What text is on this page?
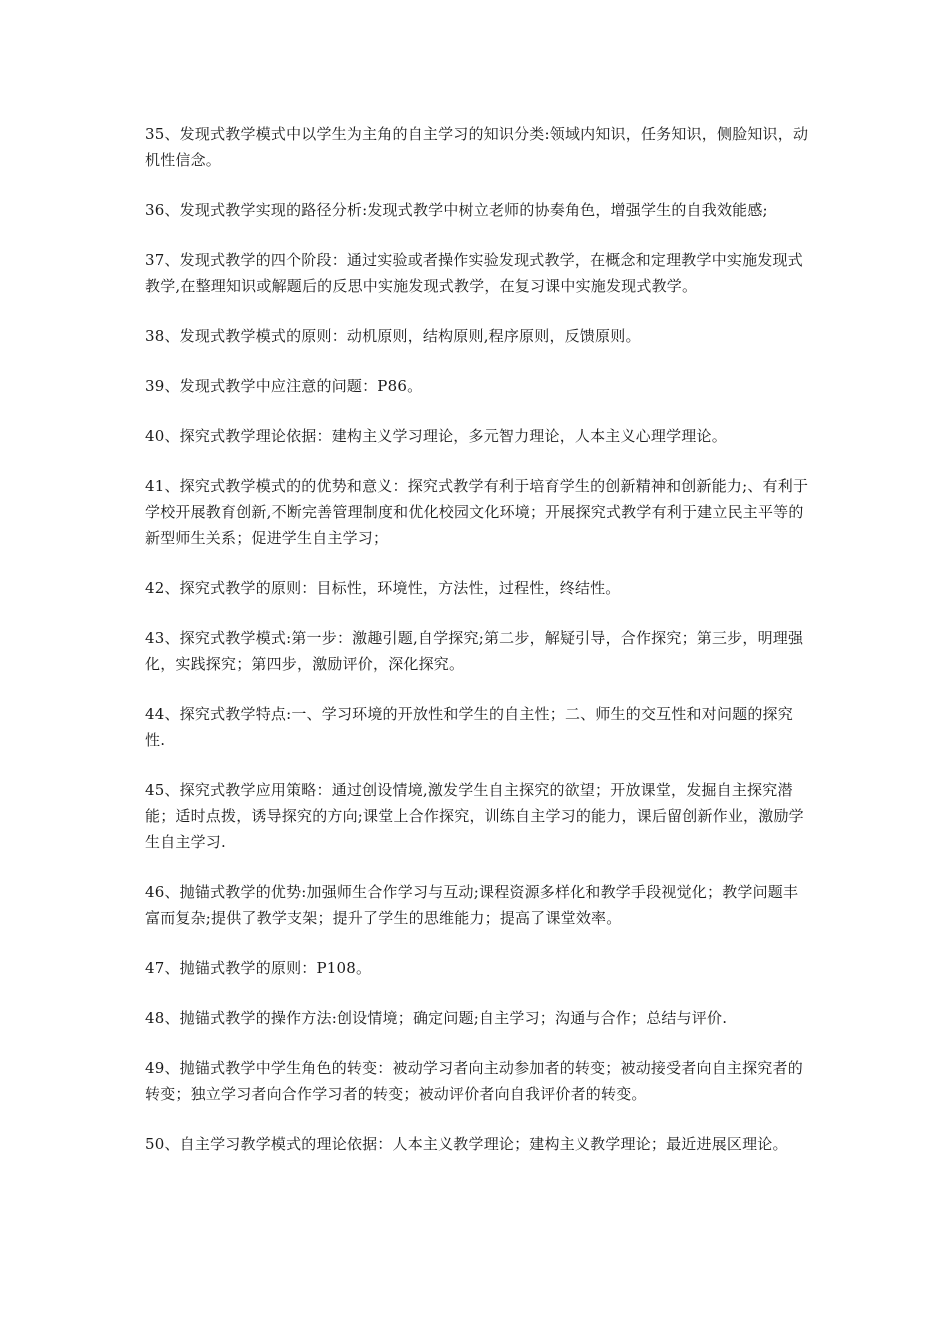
35、发现式教学模式中以学生为主角的自主学习的知识分类:领域内知识，任务知识，侧脸知识，动机性信念。

36、发现式教学实现的路径分析:发现式教学中树立老师的协奏角色，增强学生的自我效能感;

37、发现式教学的四个阶段：通过实验或者操作实验发现式教学，在概念和定理教学中实施发现式教学,在整理知识或解题后的反思中实施发现式教学，在复习课中实施发现式教学。

38、发现式教学模式的原则：动机原则，结构原则,程序原则，反馈原则。

39、发现式教学中应注意的问题：P86。

40、探究式教学理论依据：建构主义学习理论，多元智力理论，人本主义心理学理论。

41、探究式教学模式的的优势和意义：探究式教学有利于培育学生的创新精神和创新能力;、有利于学校开展教育创新,不断完善管理制度和优化校园文化环境；开展探究式教学有利于建立民主平等的新型师生关系；促进学生自主学习；

42、探究式教学的原则：目标性，环境性，方法性，过程性，终结性。

43、探究式教学模式:第一步：激趣引题,自学探究;第二步，解疑引导，合作探究；第三步，明理强化，实践探究；第四步，激励评价，深化探究。

44、探究式教学特点:一、学习环境的开放性和学生的自主性；二、师生的交互性和对问题的探究性.

45、探究式教学应用策略：通过创设情境,激发学生自主探究的欲望；开放课堂，发掘自主探究潜能；适时点拨，诱导探究的方向;课堂上合作探究，训练自主学习的能力，课后留创新作业，激励学生自主学习.

46、抛锚式教学的优势:加强师生合作学习与互动;课程资源多样化和教学手段视觉化；教学问题丰富而复杂;提供了教学支架；提升了学生的思维能力；提高了课堂效率。

47、抛锚式教学的原则：P108。

48、抛锚式教学的操作方法:创设情境；确定问题;自主学习；沟通与合作；总结与评价.

49、抛锚式教学中学生角色的转变：被动学习者向主动参加者的转变；被动接受者向自主探究者的转变；独立学习者向合作学习者的转变；被动评价者向自我评价者的转变。

50、自主学习教学模式的理论依据：人本主义教学理论；建构主义教学理论；最近进展区理论。
